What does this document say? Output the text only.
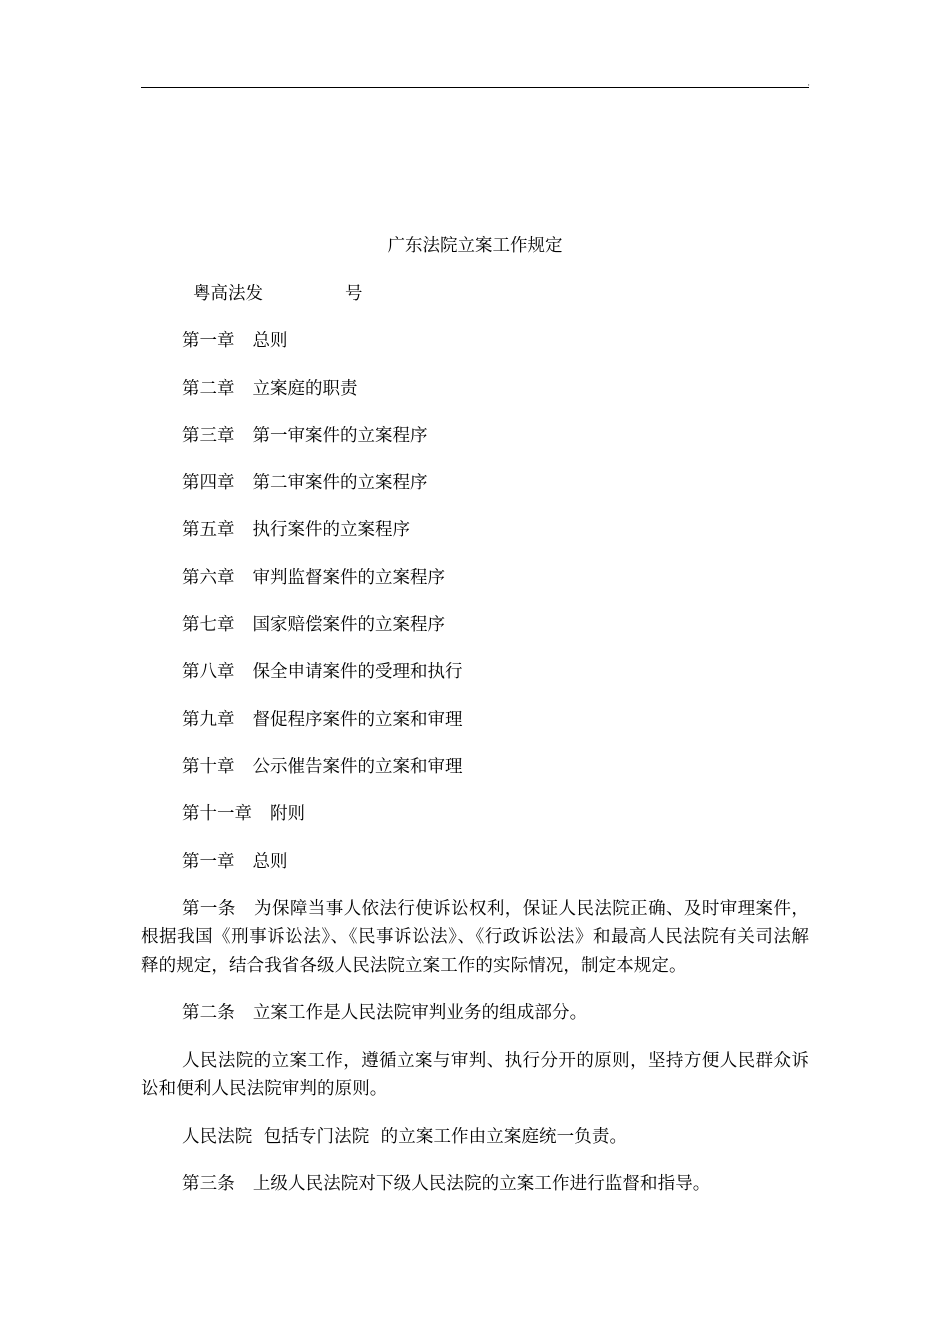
'
广东法院立案工作规定
粤高法发	号
第一章 总则
第二章 立案庭的职责
第三章 第一审案件的立案程序
第四章 第二审案件的立案程序
第五章 执行案件的立案程序
第六章 审判监督案件的立案程序
第七章 国家赔偿案件的立案程序
第八章 保全申请案件的受理和执行
第九章 督促程序案件的立案和审理
第十章 公示催告案件的立案和审理
第十一章 附则
第一章 总则

第一条 为保障当事人依法行使诉讼权利，保证人民法院正确、及时审理案件，根据我国《刑事诉讼法》、《民事诉讼法》、《行政诉讼法》和最高人民法院有关司法解释的规定，结合我省各级人民法院立案工作的实际情况，制定本规定。

第二条 立案工作是人民法院审判业务的组成部分。

人民法院的立案工作，遵循立案与审判、执行分开的原则，坚持方便人民群众诉讼和便利人民法院审判的原则。

人民法院  包括专门法院  的立案工作由立案庭统一负责。

第三条 上级人民法院对下级人民法院的立案工作进行监督和指导。
